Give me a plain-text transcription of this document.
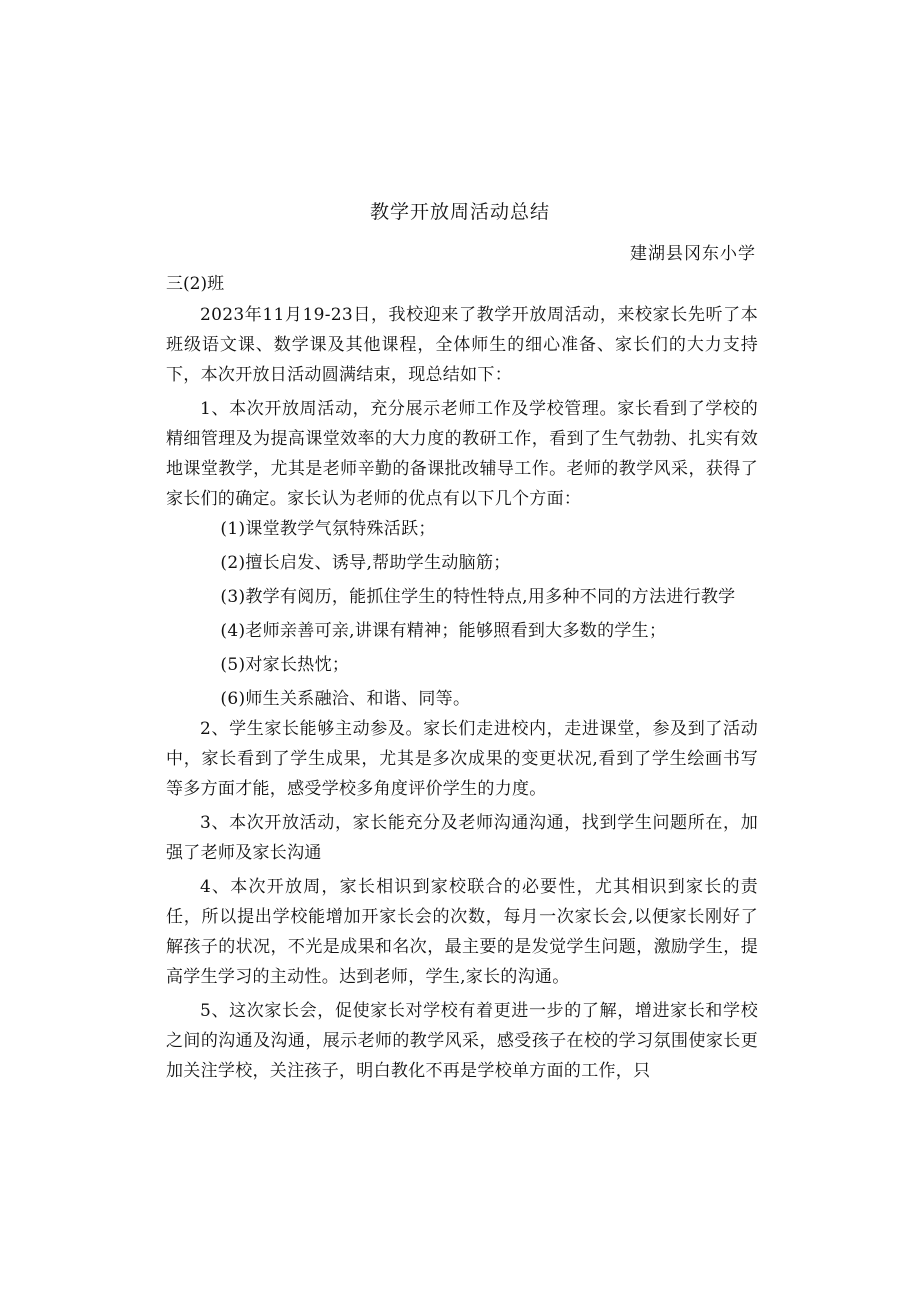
教学开放周活动总结
建湖县冈东小学
三(2)班

2023年11月19-23日，我校迎来了教学开放周活动，来校家长先听了本班级语文课、数学课及其他课程，全体师生的细心准备、家长们的大力支持下，本次开放日活动圆满结束，现总结如下：

1、本次开放周活动，充分展示老师工作及学校管理。家长看到了学校的精细管理及为提高课堂效率的大力度的教研工作，看到了生气勃勃、扎实有效地课堂教学，尤其是老师辛勤的备课批改辅导工作。老师的教学风采，获得了家长们的确定。家长认为老师的优点有以下几个方面：

(1)课堂教学气氛特殊活跃；

(2)擅长启发、诱导,帮助学生动脑筋；

(3)教学有阅历，能抓住学生的特性特点,用多种不同的方法进行教学

(4)老师亲善可亲,讲课有精神；能够照看到大多数的学生；

(5)对家长热忱；

(6)师生关系融洽、和谐、同等。

2、学生家长能够主动参及。家长们走进校内，走进课堂，参及到了活动中，家长看到了学生成果，尤其是多次成果的变更状况,看到了学生绘画书写等多方面才能，感受学校多角度评价学生的力度。

3、本次开放活动，家长能充分及老师沟通沟通，找到学生问题所在，加强了老师及家长沟通

4、本次开放周，家长相识到家校联合的必要性，尤其相识到家长的责任，所以提出学校能增加开家长会的次数，每月一次家长会,以便家长刚好了解孩子的状况，不光是成果和名次，最主要的是发觉学生问题，激励学生，提高学生学习的主动性。达到老师，学生,家长的沟通。

5、这次家长会，促使家长对学校有着更进一步的了解，增进家长和学校之间的沟通及沟通，展示老师的教学风采，感受孩子在校的学习氛围使家长更加关注学校，关注孩子，明白教化不再是学校单方面的工作，只
